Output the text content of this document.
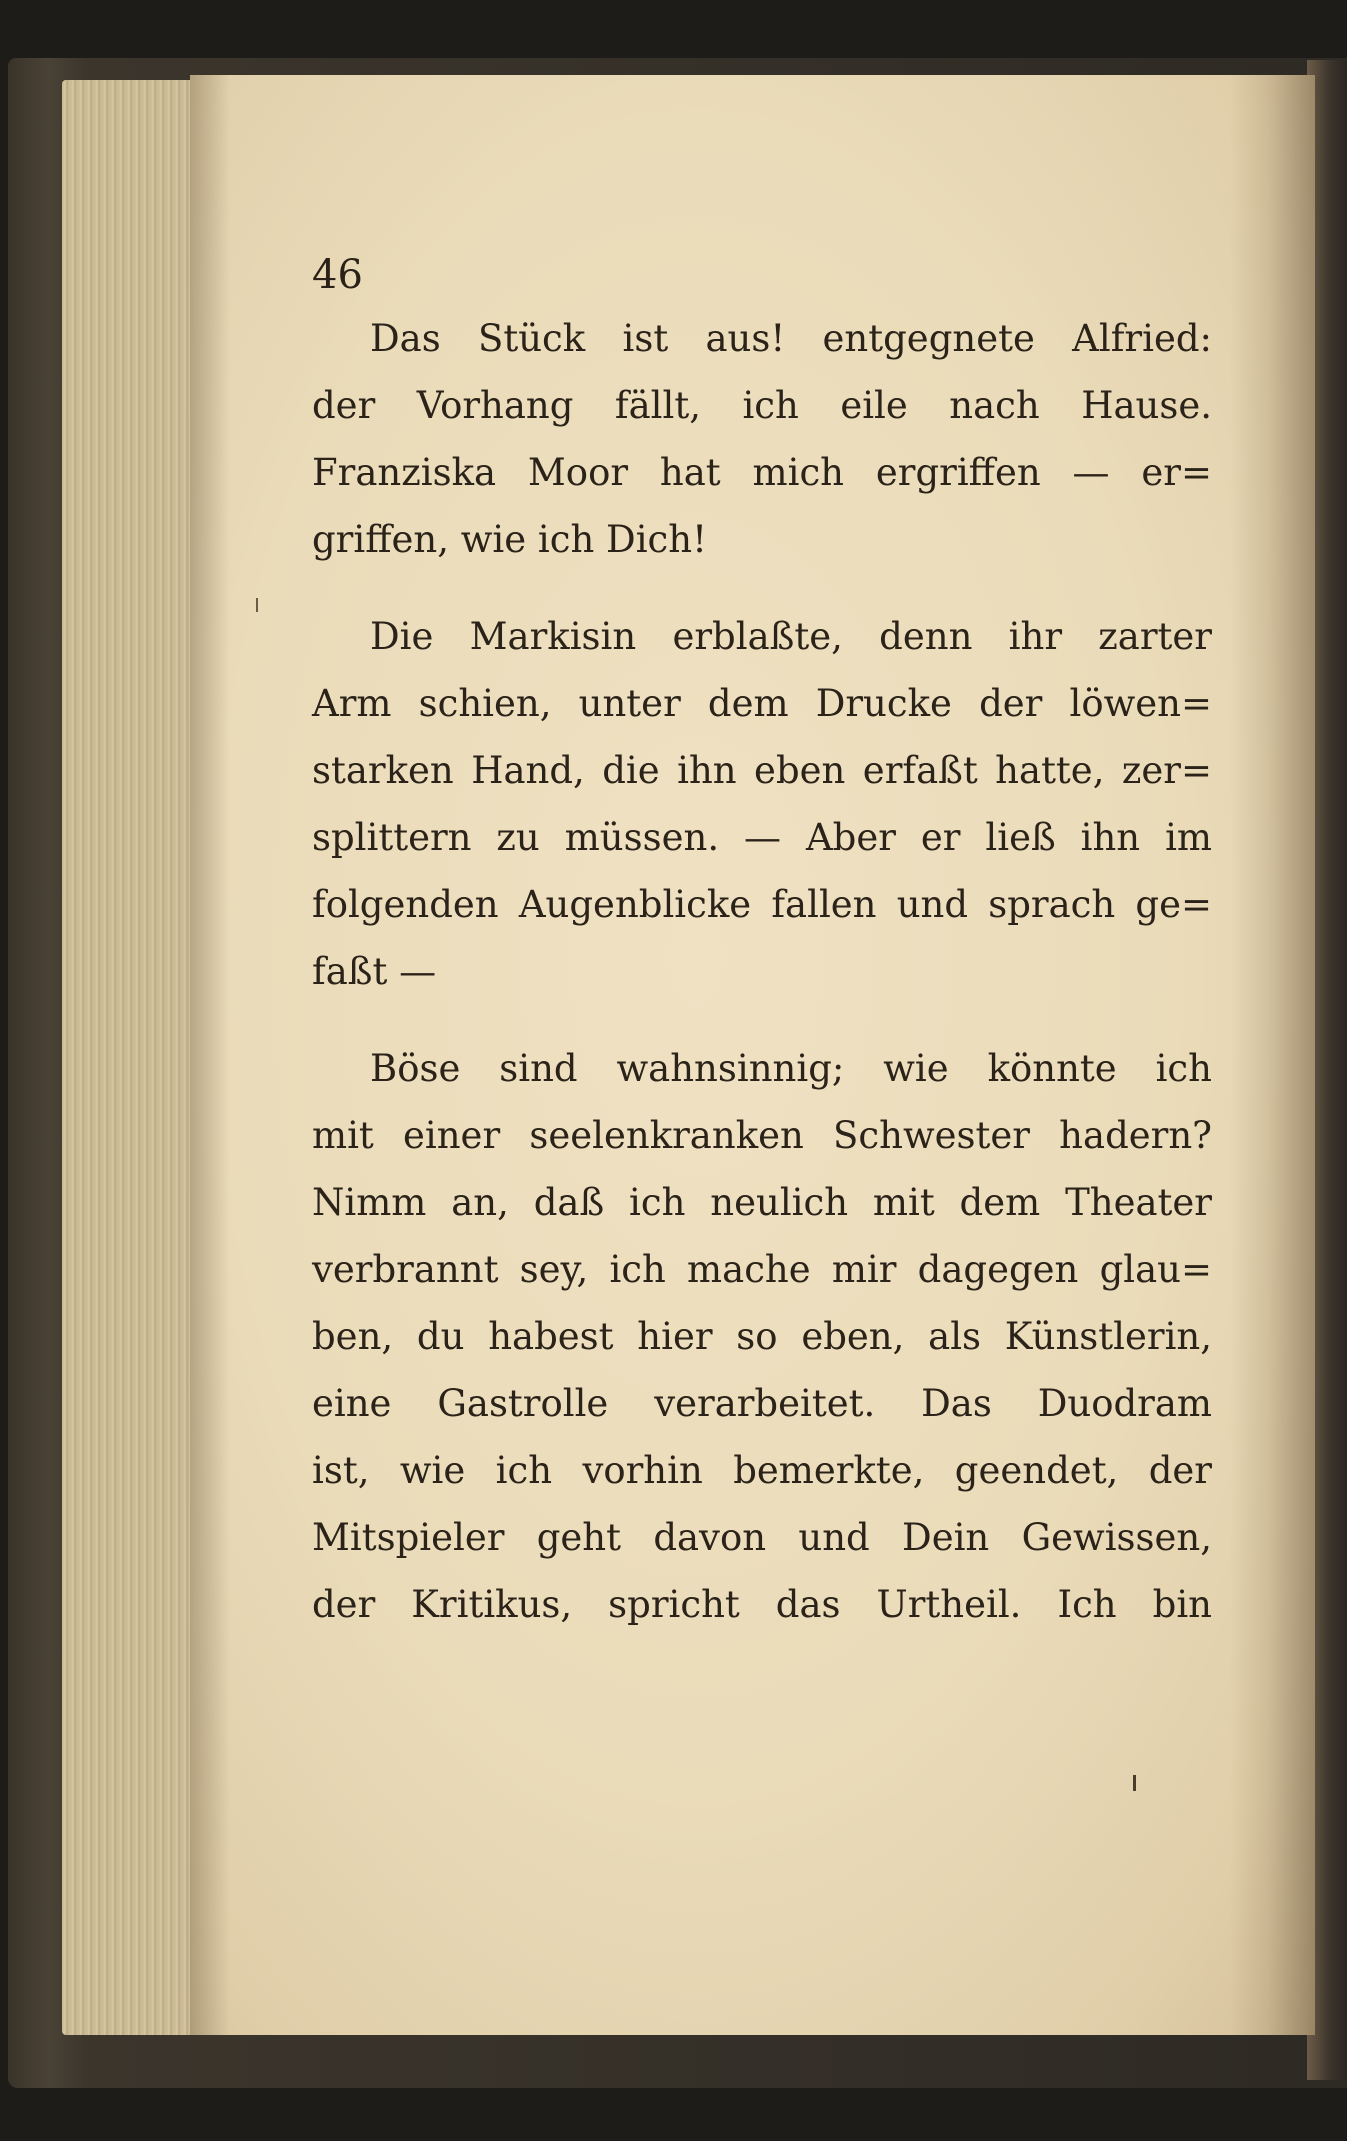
46

Das Stück ist aus! entgegnete Alfried:
der Vorhang fällt, ich eile nach Hause.
Franziska Moor hat mich ergriffen — er=
griffen, wie ich Dich!

Die Markisin erblaßte, denn ihr zarter
Arm schien, unter dem Drucke der löwen=
starken Hand, die ihn eben erfaßt hatte, zer=
splittern zu müssen. — Aber er ließ ihn im
folgenden Augenblicke fallen und sprach ge=
faßt —

Böse sind wahnsinnig; wie könnte ich
mit einer seelenkranken Schwester hadern?
Nimm an, daß ich neulich mit dem Theater
verbrannt sey, ich mache mir dagegen glau=
ben, du habest hier so eben, als Künstlerin,
eine Gastrolle verarbeitet. Das Duodram
ist, wie ich vorhin bemerkte, geendet, der
Mitspieler geht davon und Dein Gewissen,
der Kritikus, spricht das Urtheil. Ich bin
